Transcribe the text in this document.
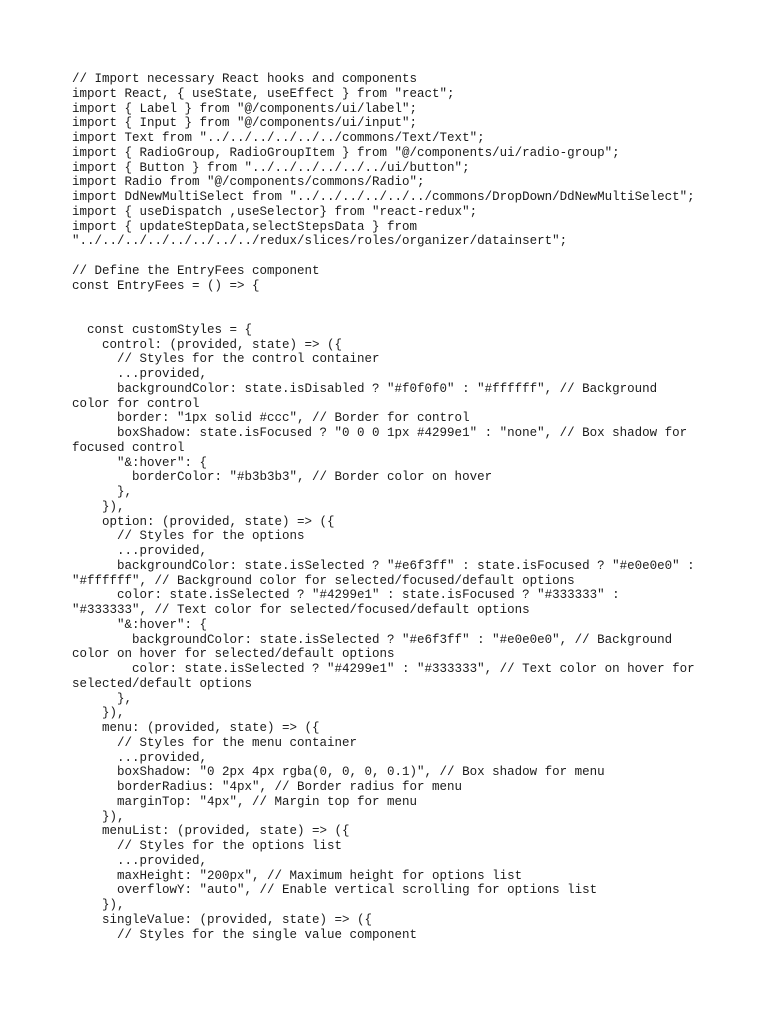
// Import necessary React hooks and components
import React, { useState, useEffect } from "react";
import { Label } from "@/components/ui/label";
import { Input } from "@/components/ui/input";
import Text from "../../../../../../commons/Text/Text";
import { RadioGroup, RadioGroupItem } from "@/components/ui/radio-group";
import { Button } from "../../../../../../ui/button";
import Radio from "@/components/commons/Radio";
import DdNewMultiSelect from "../../../../../../commons/DropDown/DdNewMultiSelect";
import { useDispatch ,useSelector} from "react-redux";
import { updateStepData,selectStepsData } from
"../../../../../../../../redux/slices/roles/organizer/datainsert";
// Define the EntryFees component
const EntryFees = () => {
const customStyles = {
control: (provided, state) => ({
// Styles for the control container
...provided,
backgroundColor: state.isDisabled ? "#f0f0f0" : "#ffffff", // Background
color for control
border: "1px solid #ccc", // Border for control
boxShadow: state.isFocused ? "0 0 0 1px #4299e1" : "none", // Box shadow for
focused control
"&:hover": {
borderColor: "#b3b3b3", // Border color on hover
},
}),
option: (provided, state) => ({
// Styles for the options
...provided,
backgroundColor: state.isSelected ? "#e6f3ff" : state.isFocused ? "#e0e0e0" :
"#ffffff", // Background color for selected/focused/default options
color: state.isSelected ? "#4299e1" : state.isFocused ? "#333333" :
"#333333", // Text color for selected/focused/default options
"&:hover": {
backgroundColor: state.isSelected ? "#e6f3ff" : "#e0e0e0", // Background
color on hover for selected/default options
color: state.isSelected ? "#4299e1" : "#333333", // Text color on hover for
selected/default options
},
}),
menu: (provided, state) => ({
// Styles for the menu container
...provided,
boxShadow: "0 2px 4px rgba(0, 0, 0, 0.1)", // Box shadow for menu
borderRadius: "4px", // Border radius for menu
marginTop: "4px", // Margin top for menu
}),
menuList: (provided, state) => ({
// Styles for the options list
...provided,
maxHeight: "200px", // Maximum height for options list
overflowY: "auto", // Enable vertical scrolling for options list
}),
singleValue: (provided, state) => ({
// Styles for the single value component
